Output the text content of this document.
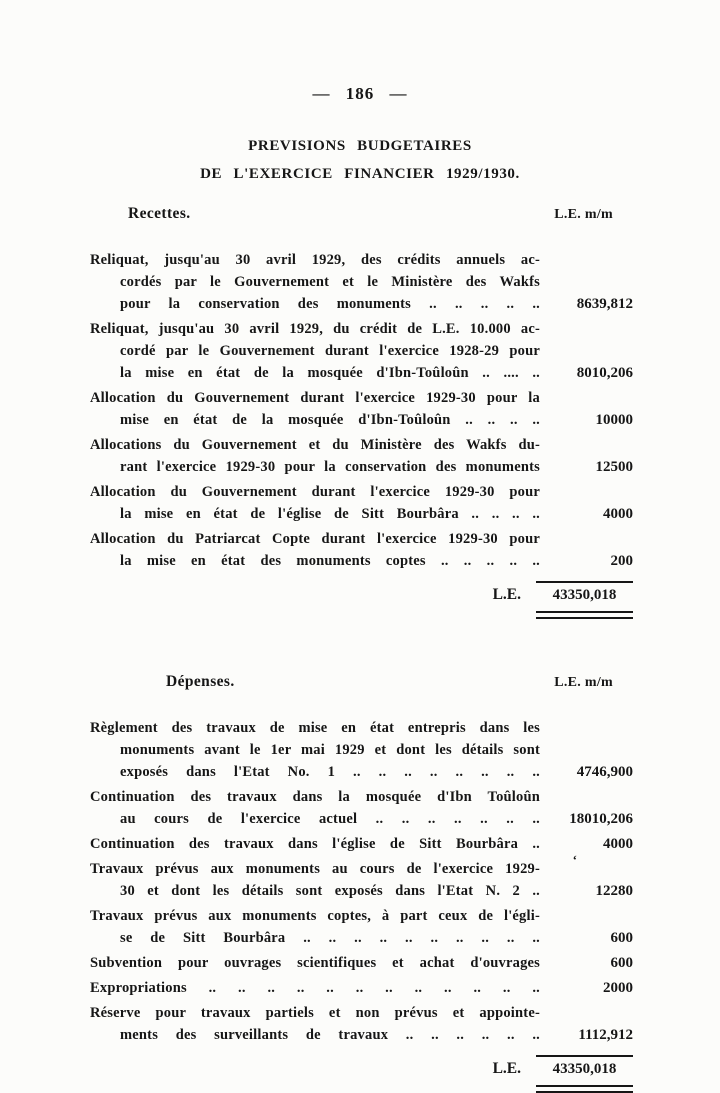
— 186 —
PREVISIONS BUDGETAIRES
DE L'EXERCICE FINANCIER 1929/1930.
Recettes.	L.E. m/m
Reliquat, jusqu'au 30 avril 1929, des crédits annuels ac-
cordés par le Gouvernement et le Ministère des Wakfs
pour la conservation des monuments .. .. .. .. ..	8639,812
Reliquat, jusqu'au 30 avril 1929, du crédit de L.E. 10.000 ac-
cordé par le Gouvernement durant l'exercice 1928-29 pour
la mise en état de la mosquée d'Ibn-Toûloûn .. .... ..	8010,206
Allocation du Gouvernement durant l'exercice 1929-30 pour la
mise en état de la mosquée d'Ibn-Toûloûn .. .. .. ..	10000
Allocations du Gouvernement et du Ministère des Wakfs du-
rant l'exercice 1929-30 pour la conservation des monuments	12500
Allocation du Gouvernement durant l'exercice 1929-30 pour
la mise en état de l'église de Sitt Bourbâra .. .. .. ..	4000
Allocation du Patriarcat Copte durant l'exercice 1929-30 pour
la mise en état des monuments coptes .. .. .. .. ..	200
L.E.	43350,018
Dépenses.	L.E. m/m
Règlement des travaux de mise en état entrepris dans les
monuments avant le 1er mai 1929 et dont les détails sont
exposés dans l'Etat No. 1 .. .. .. .. .. .. .. ..	4746,900
Continuation des travaux dans la mosquée d'Ibn Toûloûn
au cours de l'exercice actuel .. .. .. .. .. .. ..	18010,206
Continuation des travaux dans l'église de Sitt Bourbâra ..	4000
‘
Travaux prévus aux monuments au cours de l'exercice 1929-
30 et dont les détails sont exposés dans l'Etat N. 2 ..	12280
Travaux prévus aux monuments coptes, à part ceux de l'égli-
se de Sitt Bourbâra .. .. .. .. .. .. .. .. .. ..	600
Subvention pour ouvrages scientifiques et achat d'ouvrages	600
Expropriations .. .. .. .. .. .. .. .. .. .. .. ..	2000
Réserve pour travaux partiels et non prévus et appointe-
ments des surveillants de travaux .. .. .. .. .. ..	1112,912
L.E.	43350,018
